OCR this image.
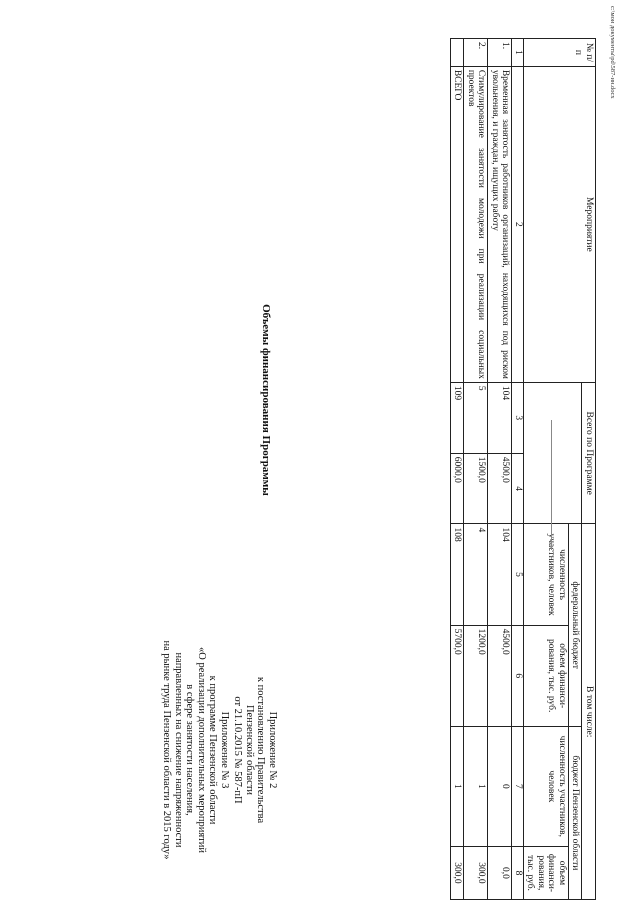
c:\мои документы\pd\587-ин.docx
№ п/п	Мероприятие	Всего по Программе		В том числе:			
				федеральный бюджет		бюджет Пензенской области	
				численность участников, человек	объем финанси-рования, тыс. руб.	численность участников, человек	объем финанси-рования, тыс. руб.
1	2	3	4	5	6	7	8
1.	Временная занятость работников организаций, находящихся под риском увольнения, и граждан, ищущих работу	104	4500,0	104	4500,0	0	0,0
2.	Стимулирование занятости молодежи при реализации социальных проектов	5	1500,0	4	1200,0	1	300,0
	ВСЕГО	109	6000,0	108	5700,0	1	300,0
Объемы финансирования Программы
Приложение № 2
к постановлению Правительства
Пензенской области
от 21.10.2015 № 587-пП
Приложение № 3
к программе Пензенской области
«О реализации дополнительных мероприятий
в сфере занятости населения,
направленных на снижение напряженности
на рынке труда Пензенской области в 2015 году»
